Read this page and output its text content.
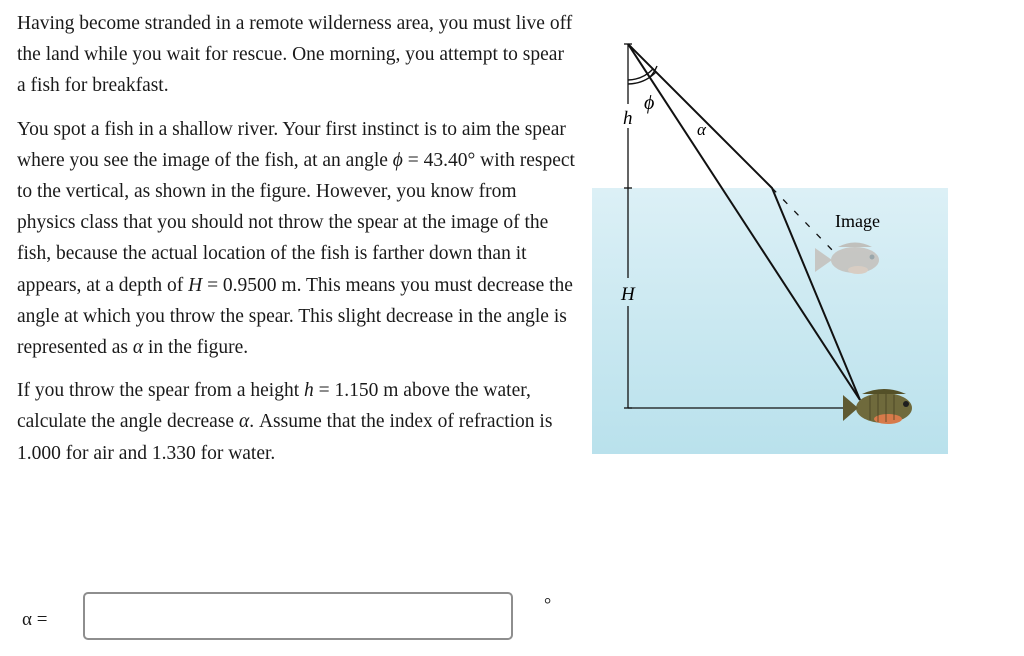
Having become stranded in a remote wilderness area, you must live off the land while you wait for rescue. One morning, you attempt to spear a fish for breakfast.

You spot a fish in a shallow river. Your first instinct is to aim the spear where you see the image of the fish, at an angle ϕ = 43.40° with respect to the vertical, as shown in the figure. However, you know from physics class that you should not throw the spear at the image of the fish, because the actual location of the fish is farther down than it appears, at a depth of H = 0.9500 m. This means you must decrease the angle at which you throw the spear. This slight decrease in the angle is represented as α in the figure.

If you throw the spear from a height h = 1.150 m above the water, calculate the angle decrease α. Assume that the index of refraction is 1.000 for air and 1.330 for water.

α =
°
ϕ
α
h
H
Image
